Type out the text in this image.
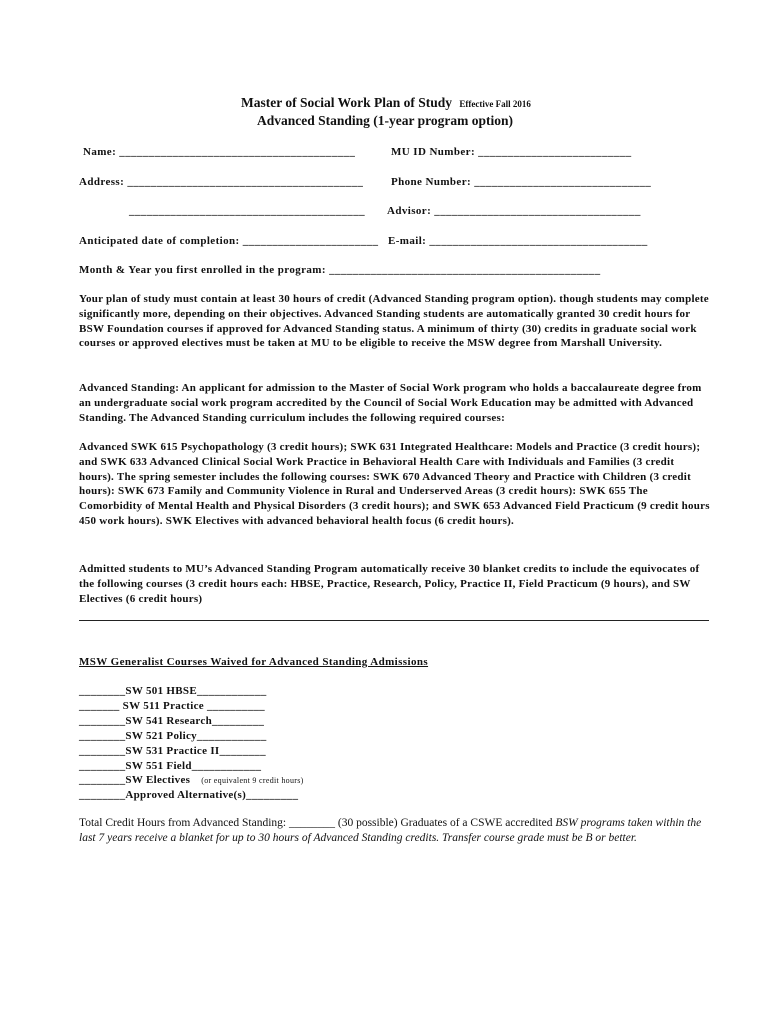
Master of Social Work Plan of Study Effective Fall 2016
Advanced Standing (1-year program option)
Name: ________________________________________	MU ID Number: __________________________
Address: ________________________________________	Phone Number: ______________________________
________________________________________ Advisor: ___________________________________
Anticipated date of completion: _______________________ E-mail: _____________________________________
Month & Year you first enrolled in the program: ______________________________________________
Your plan of study must contain at least 30 hours of credit (Advanced Standing program option). though students may complete significantly more, depending on their objectives. Advanced Standing students are automatically granted 30 credit hours for BSW Foundation courses if approved for Advanced Standing status. A minimum of thirty (30) credits in graduate social work courses or approved electives must be taken at MU to be eligible to receive the MSW degree from Marshall University.
Advanced Standing: An applicant for admission to the Master of Social Work program who holds a baccalaureate degree from an undergraduate social work program accredited by the Council of Social Work Education may be admitted with Advanced Standing. The Advanced Standing curriculum includes the following required courses:
Advanced SWK 615 Psychopathology (3 credit hours); SWK 631 Integrated Healthcare: Models and Practice (3 credit hours); and SWK 633 Advanced Clinical Social Work Practice in Behavioral Health Care with Individuals and Families (3 credit hours). The spring semester includes the following courses: SWK 670 Advanced Theory and Practice with Children (3 credit hours): SWK 673 Family and Community Violence in Rural and Underserved Areas (3 credit hours): SWK 655 The Comorbidity of Mental Health and Physical Disorders (3 credit hours); and SWK 653 Advanced Field Practicum (9 credit hours 450 work hours). SWK Electives with advanced behavioral health focus (6 credit hours).
Admitted students to MU’s Advanced Standing Program automatically receive 30 blanket credits to include the equivocates of the following courses (3 credit hours each: HBSE, Practice, Research, Policy, Practice II, Field Practicum (9 hours), and SW Electives (6 credit hours)
MSW Generalist Courses Waived for Advanced Standing Admissions
________SW 501 HBSE____________
_______ SW 511 Practice __________
________SW 541 Research_________
________SW 521 Policy____________
________SW 531 Practice II________
________SW 551 Field____________
________SW Electives (or equivalent 9 credit hours)
________Approved Alternative(s)_________
Total Credit Hours from Advanced Standing: ________ (30 possible) Graduates of a CSWE accredited BSW programs taken within the last 7 years receive a blanket for up to 30 hours of Advanced Standing credits. Transfer course grade must be B or better.
